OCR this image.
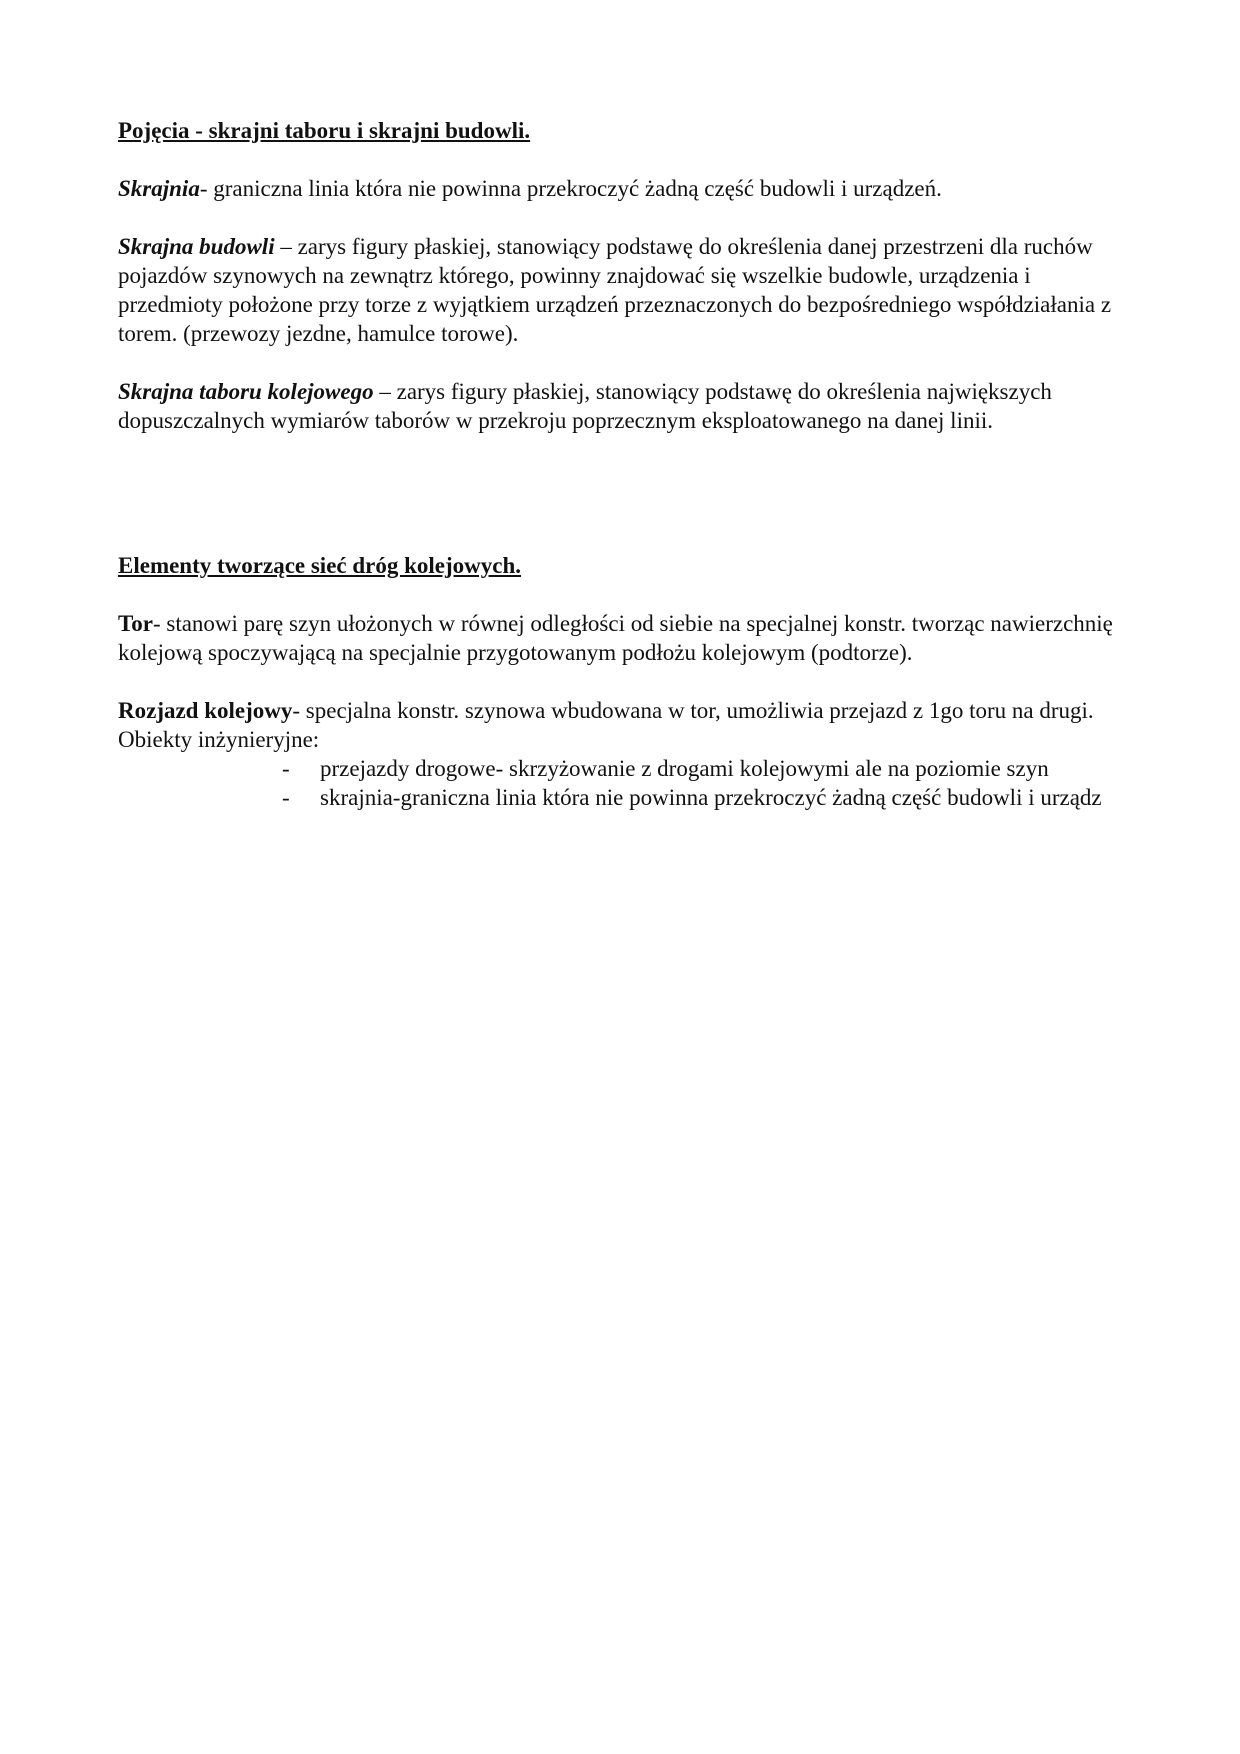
Pojęcia - skrajni taboru i skrajni budowli.

Skrajnia- graniczna linia która nie powinna przekroczyć żadną część budowli i urządzeń.

Skrajna budowli – zarys figury płaskiej, stanowiący podstawę do określenia danej przestrzeni dla ruchów pojazdów szynowych na zewnątrz którego, powinny znajdować się wszelkie budowle, urządzenia i przedmioty położone przy torze z wyjątkiem urządzeń przeznaczonych do bezpośredniego współdziałania z torem. (przewozy jezdne, hamulce torowe).

Skrajna taboru kolejowego – zarys figury płaskiej, stanowiący podstawę do określenia największych dopuszczalnych wymiarów taborów w przekroju poprzecznym eksploatowanego na danej linii.

Elementy tworzące sieć dróg kolejowych.

Tor- stanowi parę szyn ułożonych w równej odległości od siebie na specjalnej konstr. tworząc nawierzchnię kolejową spoczywającą na specjalnie przygotowanym podłożu kolejowym (podtorze).

Rozjazd kolejowy- specjalna konstr. szynowa wbudowana w tor, umożliwia przejazd z 1go toru na drugi.

Obiekty inżynieryjne:

- przejazdy drogowe- skrzyżowanie z drogami kolejowymi ale na poziomie szyn
- skrajnia-graniczna linia która nie powinna przekroczyć żadną część budowli i urządz
